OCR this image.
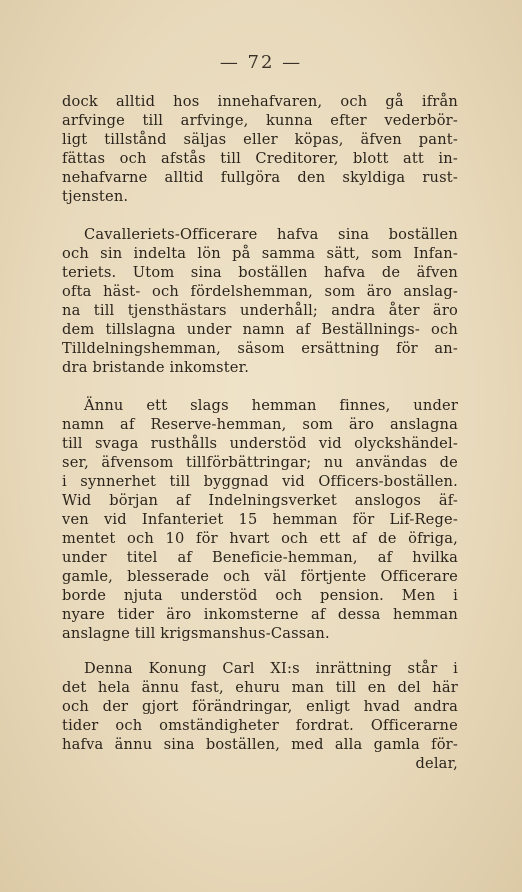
— 72 —
dock alltid hos innehafvaren, och gå ifrån
arfvinge till arfvinge, kunna efter vederbör-
ligt tillstånd säljas eller köpas, äfven pant-
fättas och afstås till Creditorer, blott att in-
nehafvarne alltid fullgöra den skyldiga rust-
tjensten.
Cavalleriets-Officerare hafva sina boställen
och sin indelta lön på samma sätt, som Infan-
teriets. Utom sina boställen hafva de äfven
ofta häst- och fördelshemman, som äro anslag-
na till tjensthästars underhåll; andra åter äro
dem tillslagna under namn af Beställnings- och
Tilldelningshemman, säsom ersättning för an-
dra bristande inkomster.
Ännu ett slags hemman finnes, under
namn af Reserve-hemman, som äro anslagna
till svaga rusthålls understöd vid olyckshändel-
ser, äfvensom tillförbättringar; nu användas de
i synnerhet till byggnad vid Officers-boställen.
Wid början af Indelningsverket anslogos äf-
ven vid Infanteriet 15 hemman för Lif-Rege-
mentet och 10 för hvart och ett af de öfriga,
under titel af Beneficie-hemman, af hvilka
gamle, blesserade och väl förtjente Officerare
borde njuta understöd och pension. Men i
nyare tider äro inkomsterne af dessa hemman
anslagne till krigsmanshus-Cassan.
Denna Konung Carl XI:s inrättning står i
det hela ännu fast, ehuru man till en del här
och der gjort förändringar, enligt hvad andra
tider och omständigheter fordrat. Officerarne
hafva ännu sina boställen, med alla gamla för-
delar,
